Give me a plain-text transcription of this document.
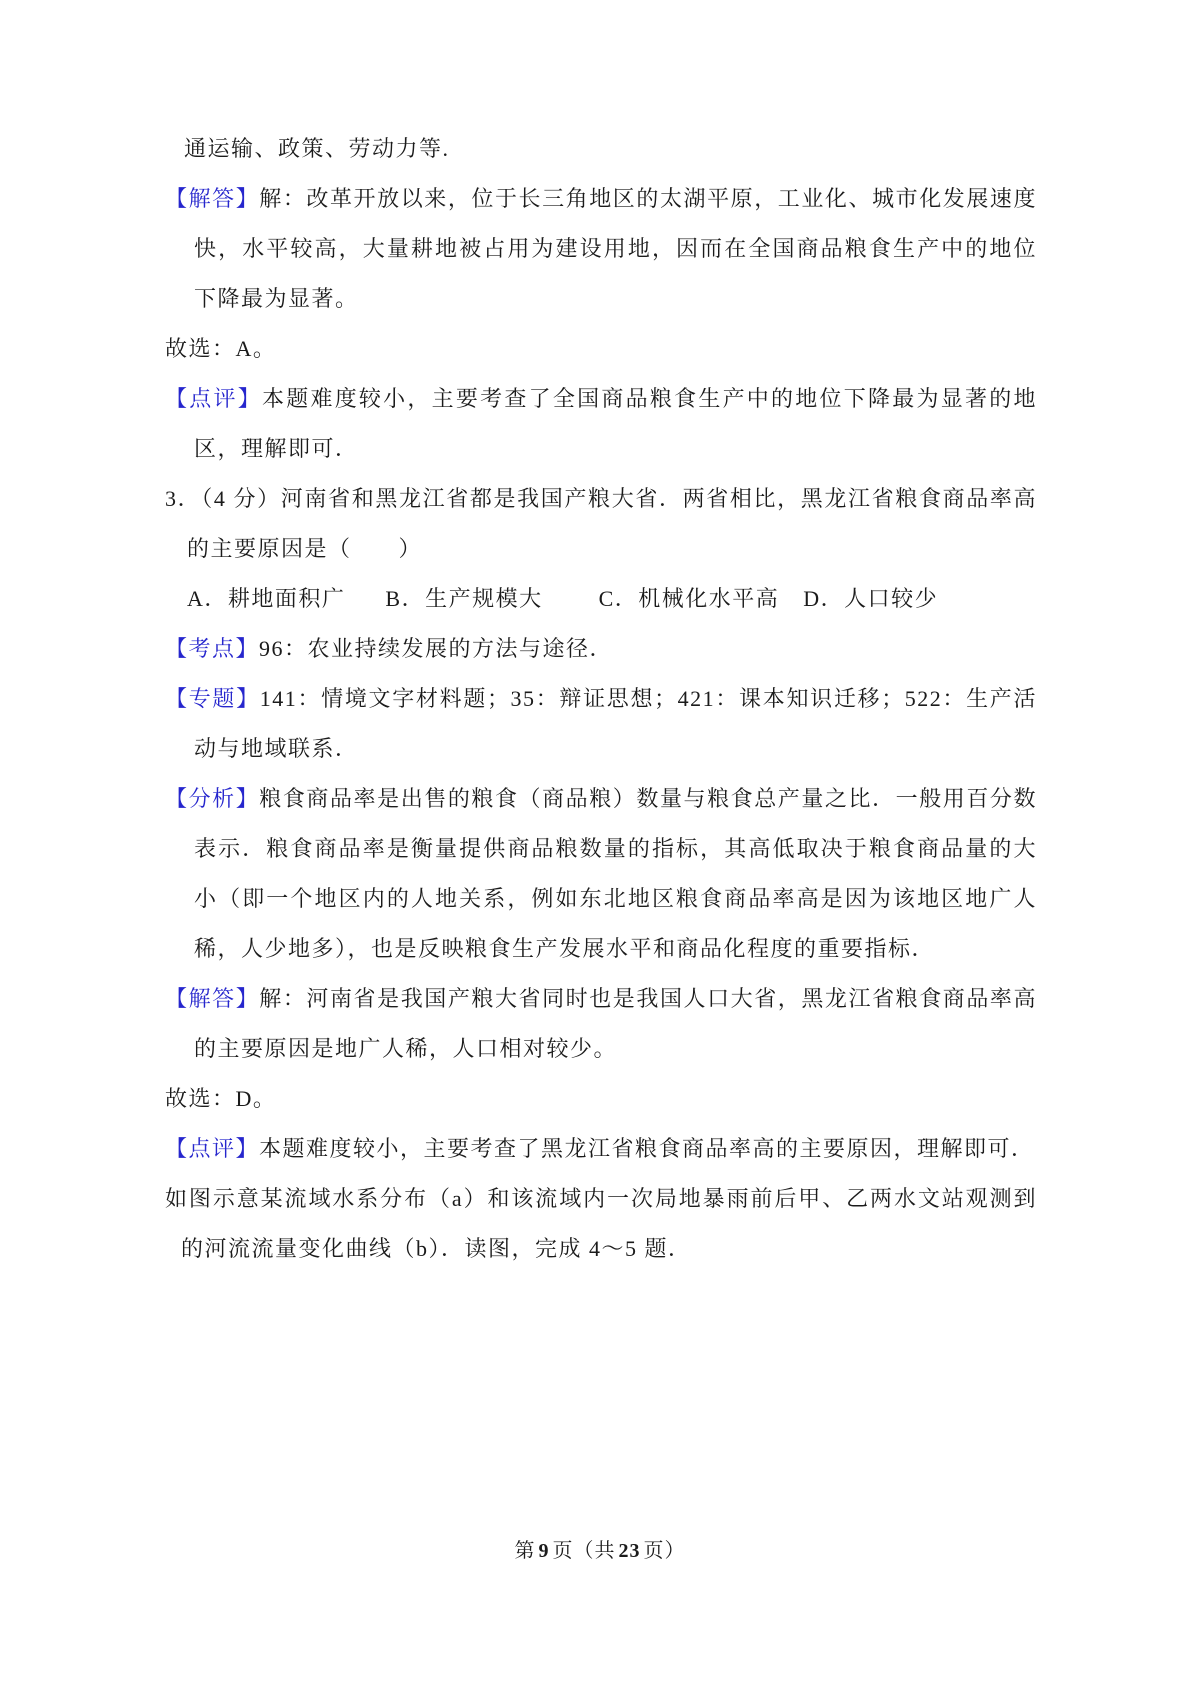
通运输、政策、劳动力等.

【解答】解：改革开放以来，位于长三角地区的太湖平原，工业化、城市化发展速度快，水平较高，大量耕地被占用为建设用地，因而在全国商品粮食生产中的地位下降最为显著。

故选：A。

【点评】本题难度较小，主要考查了全国商品粮食生产中的地位下降最为显著的地区，理解即可．

3．（4 分）河南省和黑龙江省都是我国产粮大省．两省相比，黑龙江省粮食商品率高的主要原因是（　　）

A．耕地面积广 B．生产规模大	C．机械化水平高 D．人口较少

【考点】96：农业持续发展的方法与途径．

【专题】141：情境文字材料题；35：辩证思想；421：课本知识迁移；522：生产活动与地域联系．

【分析】粮食商品率是出售的粮食（商品粮）数量与粮食总产量之比．一般用百分数表示．粮食商品率是衡量提供商品粮数量的指标，其高低取决于粮食商品量的大小（即一个地区内的人地关系，例如东北地区粮食商品率高是因为该地区地广人稀，人少地多），也是反映粮食生产发展水平和商品化程度的重要指标．

【解答】解：河南省是我国产粮大省同时也是我国人口大省，黑龙江省粮食商品率高的主要原因是地广人稀，人口相对较少。

故选：D。

【点评】本题难度较小，主要考查了黑龙江省粮食商品率高的主要原因，理解即可．

如图示意某流域水系分布（a）和该流域内一次局地暴雨前后甲、乙两水文站观测到的河流流量变化曲线（b）．读图，完成 4～5 题．

第 9 页（共 23 页）
